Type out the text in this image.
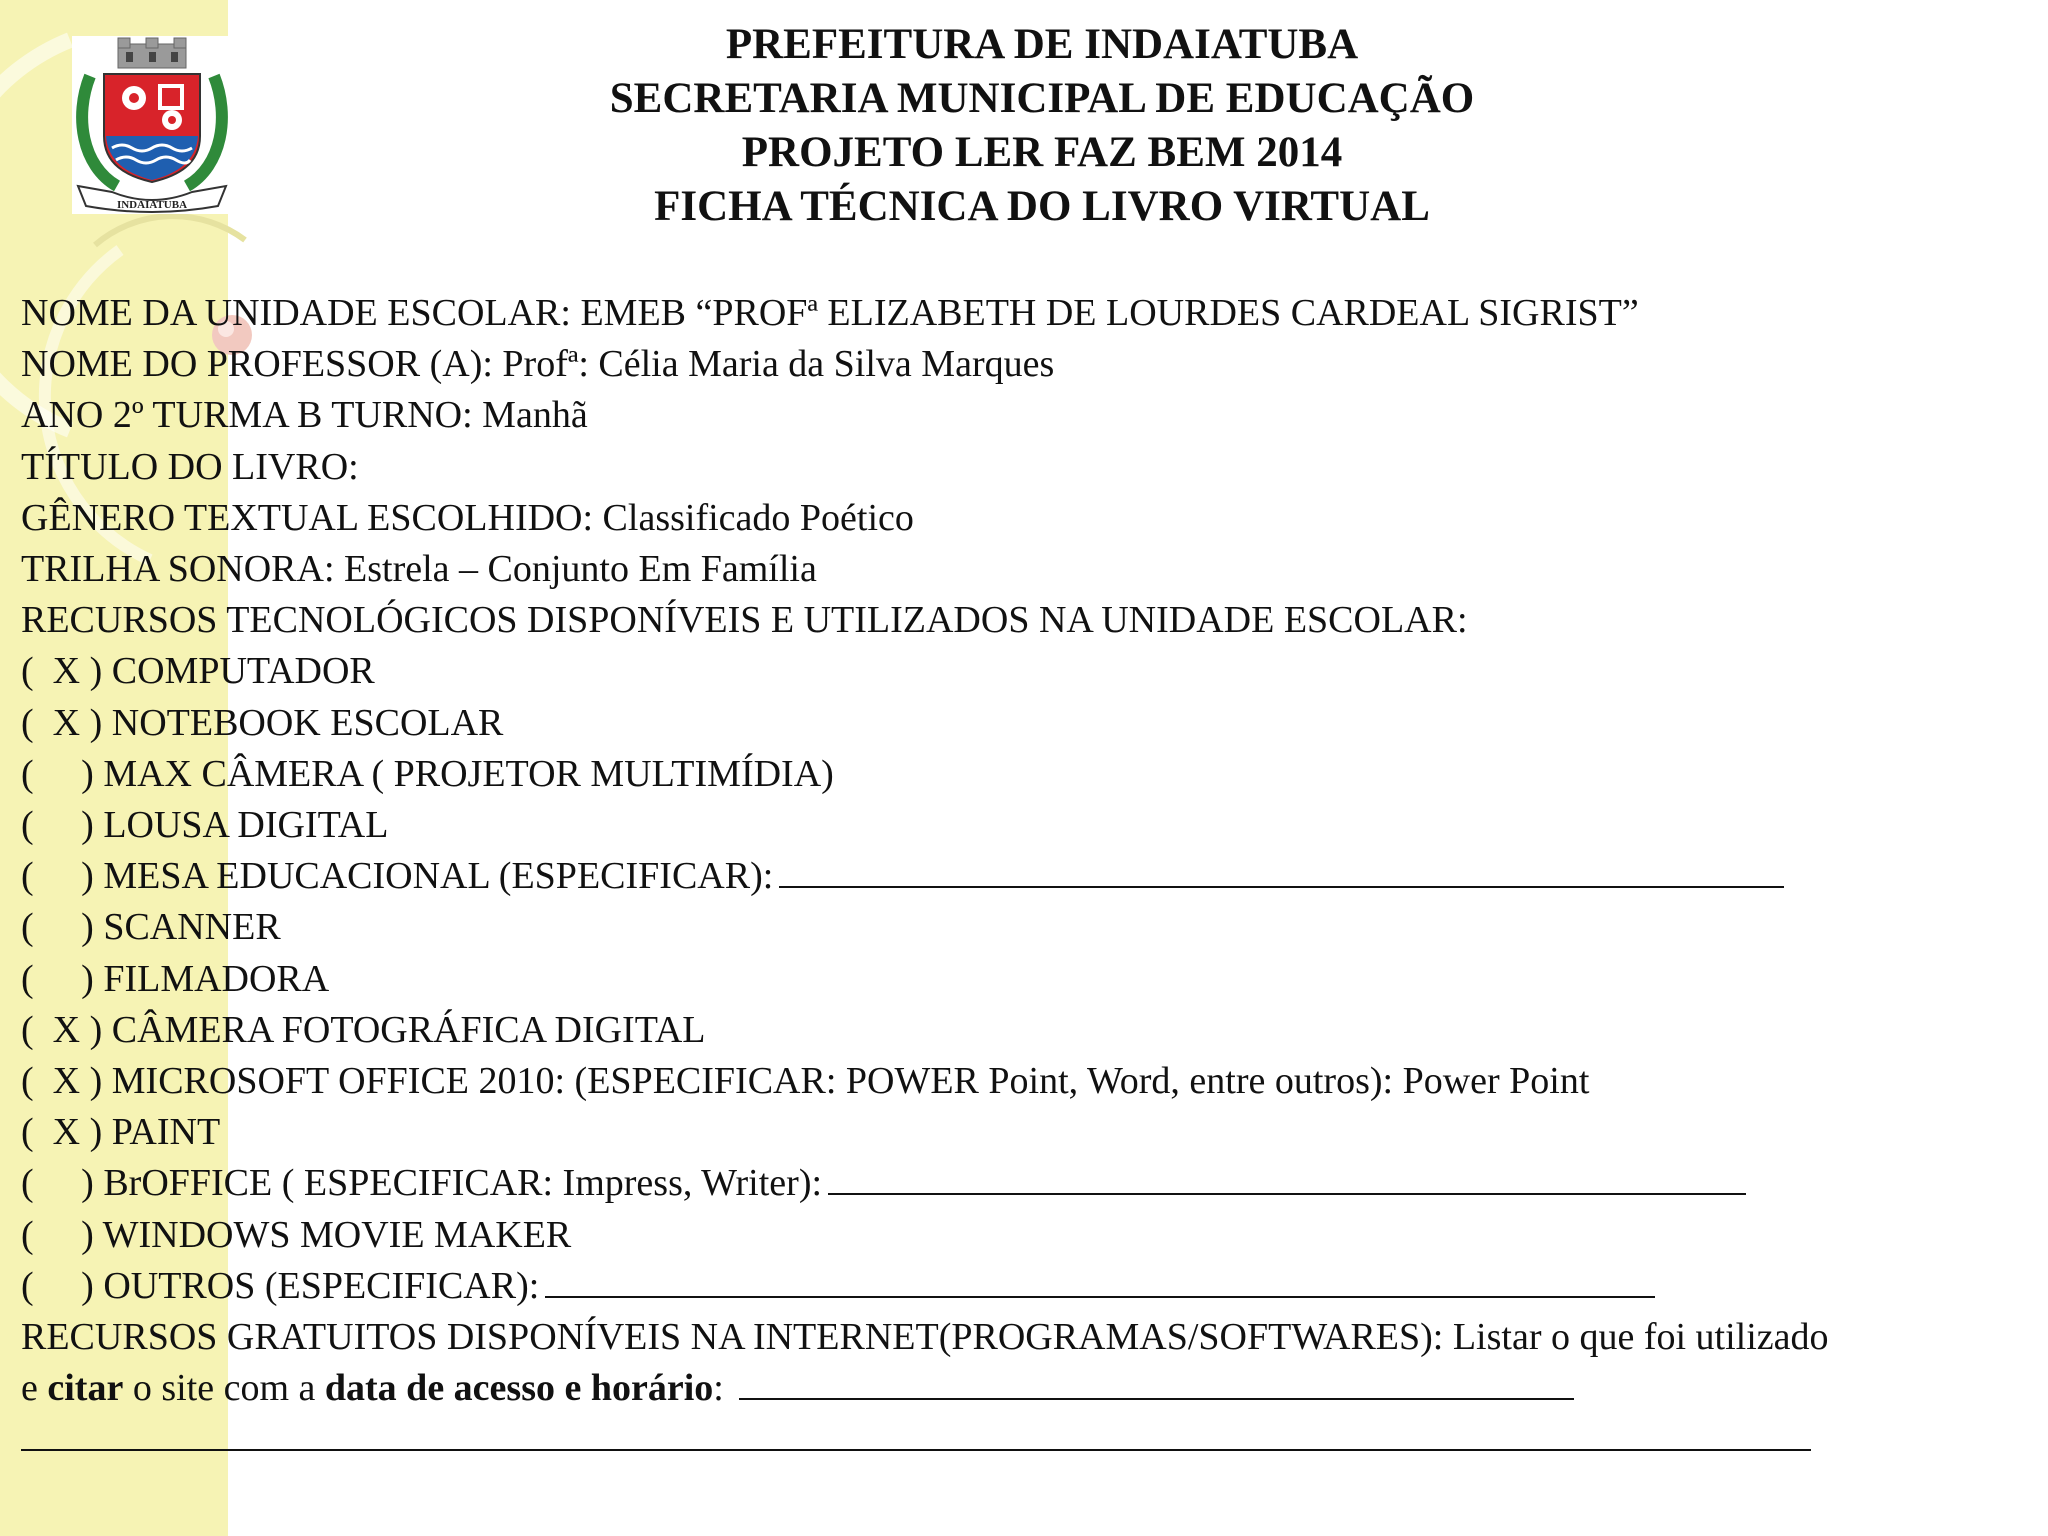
INDAIATUBA
PREFEITURA DE INDAIATUBA
SECRETARIA MUNICIPAL DE EDUCAÇÃO
PROJETO LER FAZ BEM 2014
FICHA TÉCNICA DO LIVRO VIRTUAL
NOME DA UNIDADE ESCOLAR: EMEB “PROFª ELIZABETH DE LOURDES CARDEAL SIGRIST”
NOME DO PROFESSOR (A): Profª: Célia Maria da Silva Marques
ANO 2º TURMA B TURNO: Manhã
TÍTULO DO LIVRO:
GÊNERO TEXTUAL ESCOLHIDO: Classificado Poético
TRILHA SONORA: Estrela – Conjunto Em Família
RECURSOS TECNOLÓGICOS DISPONÍVEIS E UTILIZADOS NA UNIDADE ESCOLAR:
(  X ) COMPUTADOR
(  X ) NOTEBOOK ESCOLAR
(     ) MAX CÂMERA ( PROJETOR MULTIMÍDIA)
(     ) LOUSA DIGITAL
(     ) MESA EDUCACIONAL (ESPECIFICAR):
(     ) SCANNER
(     ) FILMADORA
(  X ) CÂMERA FOTOGRÁFICA DIGITAL
(  X ) MICROSOFT OFFICE 2010: (ESPECIFICAR: POWER Point, Word, entre outros): Power Point
(  X ) PAINT
(     ) BrOFFICE ( ESPECIFICAR: Impress, Writer):
(     ) WINDOWS MOVIE MAKER
(     ) OUTROS (ESPECIFICAR):
RECURSOS GRATUITOS DISPONÍVEIS NA INTERNET(PROGRAMAS/SOFTWARES): Listar o que foi utilizado
e citar o site com a data de acesso e horário:
